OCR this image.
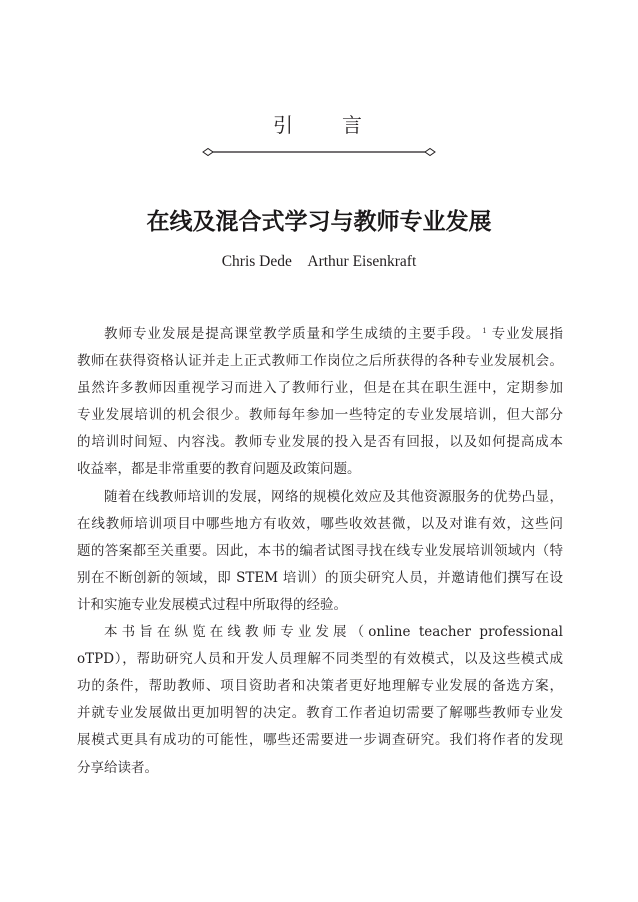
引　　言
在线及混合式学习与教师专业发展
Chris Dede　Arthur Eisenkraft
教师专业发展是提高课堂教学质量和学生成绩的主要手段。 $^1$ 专业发展指
教师在获得资格认证并走上正式教师工作岗位之后所获得的各种专业发展机会。
虽然许多教师因重视学习而进入了教师行业，但是在其在职生涯中，定期参加
专业发展培训的机会很少。教师每年参加一些特定的专业发展培训，但大部分
的培训时间短、内容浅。教师专业发展的投入是否有回报，以及如何提高成本
收益率，都是非常重要的教育问题及政策问题。
随着在线教师培训的发展，网络的规模化效应及其他资源服务的优势凸显，
在线教师培训项目中哪些地方有收效，哪些收效甚微，以及对谁有效，这些问
题的答案都至关重要。因此，本书的编者试图寻找在线专业发展培训领域内（特
别在不断创新的领域，即 STEM 培训）的顶尖研究人员，并邀请他们撰写在设
计和实施专业发展模式过程中所取得的经验。
本书旨在纵览在线教师专业发展（online teacher professional
oTPD），帮助研究人员和开发人员理解不同类型的有效模式，以及这些模式成
功的条件，帮助教师、项目资助者和决策者更好地理解专业发展的备选方案，
并就专业发展做出更加明智的决定。教育工作者迫切需要了解哪些教师专业发
展模式更具有成功的可能性，哪些还需要进一步调查研究。我们将作者的发现
分享给读者。
